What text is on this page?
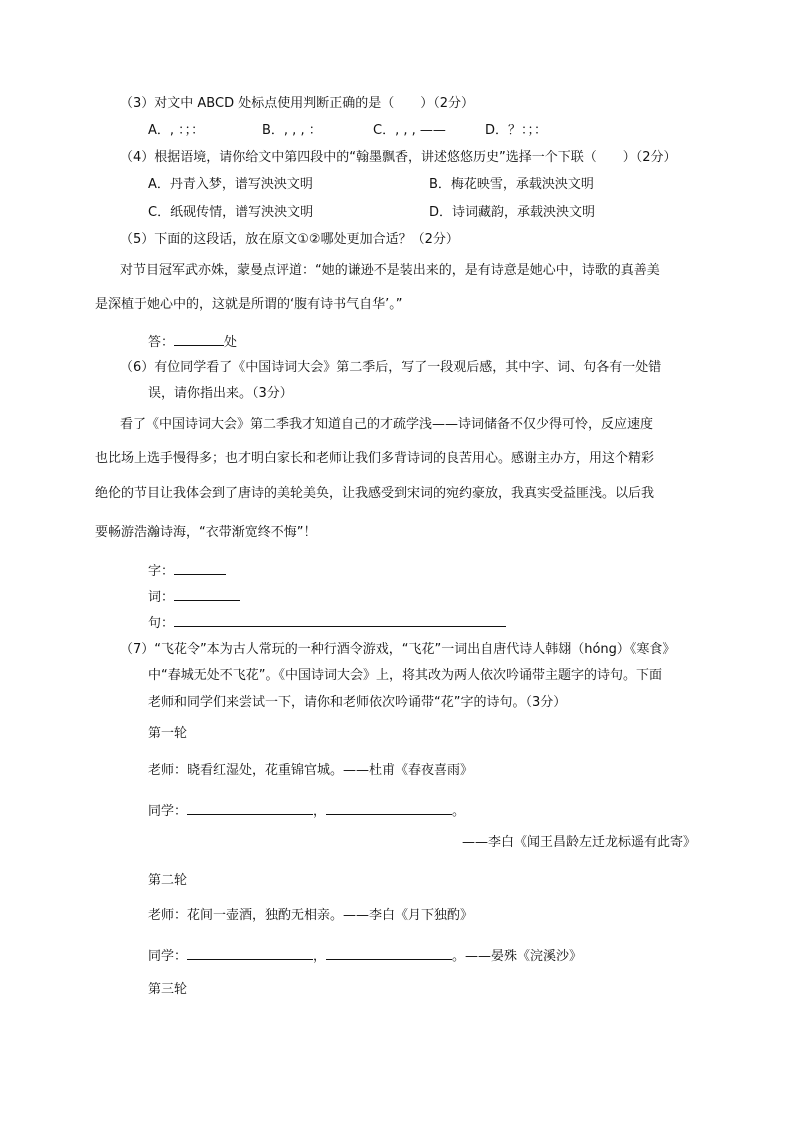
（3）对文中 ABCD 处标点使用判断正确的是（　　）（2分）
A．, ：；：	B．, , , ：	C．, , , ——	D．？：；：
（4）根据语境，请你给文中第四段中的“翰墨飘香，讲述悠悠历史”选择一个下联（　　）（2分）
A．丹青入梦，谱写泱泱文明	B．梅花映雪，承载泱泱文明
C．纸砚传情，谱写泱泱文明	D．诗词藏韵，承载泱泱文明
（5）下面的这段话，放在原文①②哪处更加合适？（2分）
对节目冠军武亦姝，蒙曼点评道：“她的谦逊不是装出来的，是有诗意是她心中，诗歌的真善美
是深植于她心中的，这就是所谓的‘腹有诗书气自华’。”
答：	处
（6）有位同学看了《中国诗词大会》第二季后，写了一段观后感，其中字、词、句各有一处错
误，请你指出来。（3分）
看了《中国诗词大会》第二季我才知道自己的才疏学浅——诗词储备不仅少得可怜，反应速度
也比场上选手慢得多；也才明白家长和老师让我们多背诗词的良苦用心。感谢主办方，用这个精彩
绝伦的节目让我体会到了唐诗的美轮美奂，让我感受到宋词的宛约豪放，我真实受益匪浅。以后我
要畅游浩瀚诗海，“衣带渐宽终不悔”！
字：
词：
句：
（7）“飞花令”本为古人常玩的一种行酒令游戏，“飞花”一词出自唐代诗人韩翃（hóng）《寒食》
中“春城无处不飞花”。《中国诗词大会》上，将其改为两人依次吟诵带主题字的诗句。下面
老师和同学们来尝试一下，请你和老师依次吟诵带“花”字的诗句。（3分）
第一轮
老师：晓看红湿处，花重锦官城。——杜甫《春夜喜雨》
同学：	，	。
——李白《闻王昌龄左迁龙标遥有此寄》
第二轮
老师：花间一壶酒，独酌无相亲。——李白《月下独酌》
同学：	，	。——晏殊《浣溪沙》
第三轮
